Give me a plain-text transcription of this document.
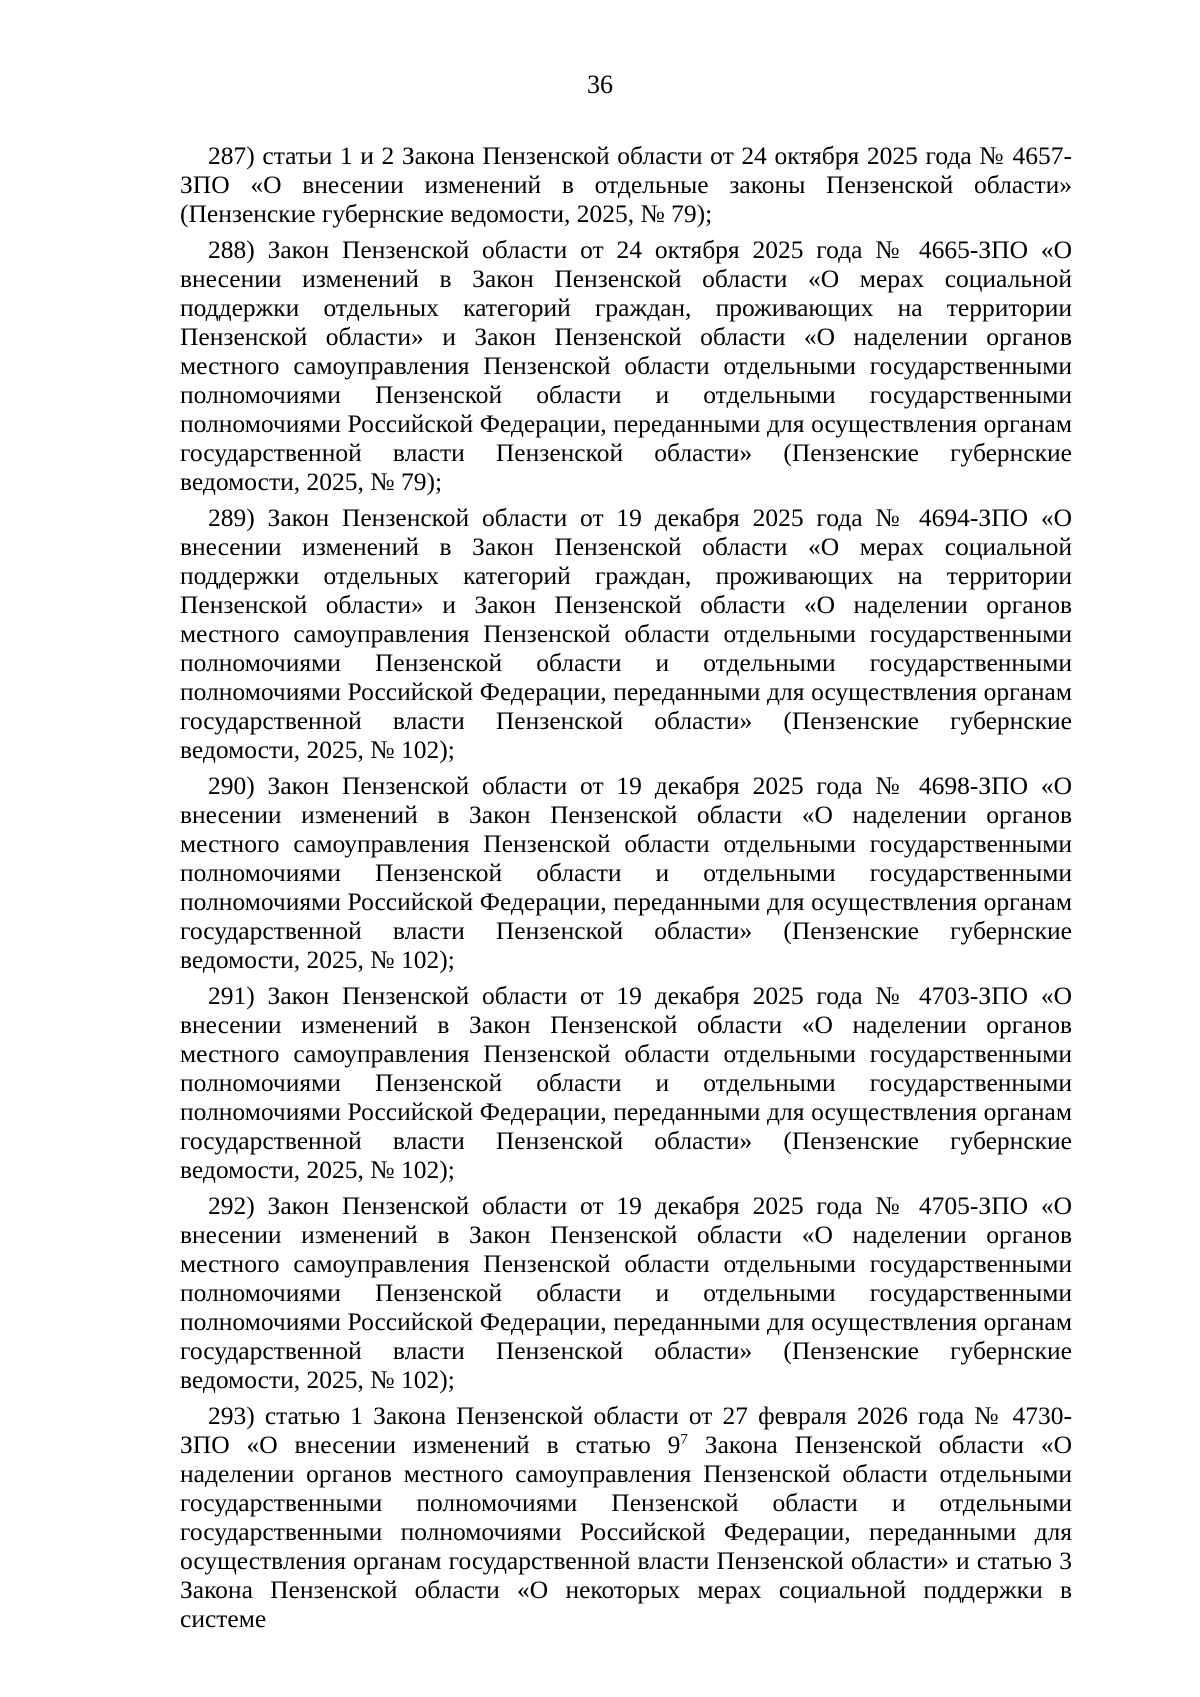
36

287) статьи 1 и 2 Закона Пензенской области от 24 октября 2025 года № 4657-ЗПО «О внесении изменений в отдельные законы Пензенской области» (Пензенские губернские ведомости, 2025, № 79);

288) Закон Пензенской области от 24 октября 2025 года № 4665-ЗПО «О внесении изменений в Закон Пензенской области «О мерах социальной поддержки отдельных категорий граждан, проживающих на территории Пензенской области» и Закон Пензенской области «О наделении органов местного самоуправления Пензенской области отдельными государственными полномочиями Пензенской области и отдельными государственными полномочиями Российской Федерации, переданными для осуществления органам государственной власти Пензенской области» (Пензенские губернские ведомости, 2025, № 79);

289) Закон Пензенской области от 19 декабря 2025 года № 4694-ЗПО «О внесении изменений в Закон Пензенской области «О мерах социальной поддержки отдельных категорий граждан, проживающих на территории Пензенской области» и Закон Пензенской области «О наделении органов местного самоуправления Пензенской области отдельными государственными полномочиями Пензенской области и отдельными государственными полномочиями Российской Федерации, переданными для осуществления органам государственной власти Пензенской области» (Пензенские губернские ведомости, 2025, № 102);

290) Закон Пензенской области от 19 декабря 2025 года № 4698-ЗПО «О внесении изменений в Закон Пензенской области «О наделении органов местного самоуправления Пензенской области отдельными государственными полномочиями Пензенской области и отдельными государственными полномочиями Российской Федерации, переданными для осуществления органам государственной власти Пензенской области» (Пензенские губернские ведомости, 2025, № 102);

291) Закон Пензенской области от 19 декабря 2025 года № 4703-ЗПО «О внесении изменений в Закон Пензенской области «О наделении органов местного самоуправления Пензенской области отдельными государственными полномочиями Пензенской области и отдельными государственными полномочиями Российской Федерации, переданными для осуществления органам государственной власти Пензенской области» (Пензенские губернские ведомости, 2025, № 102);

292) Закон Пензенской области от 19 декабря 2025 года № 4705-ЗПО «О внесении изменений в Закон Пензенской области «О наделении органов местного самоуправления Пензенской области отдельными государственными полномочиями Пензенской области и отдельными государственными полномочиями Российской Федерации, переданными для осуществления органам государственной власти Пензенской области» (Пензенские губернские ведомости, 2025, № 102);

293) статью 1 Закона Пензенской области от 27 февраля 2026 года № 4730-ЗПО «О внесении изменений в статью $9^7$ Закона Пензенской области «О наделении органов местного самоуправления Пензенской области отдельными государственными полномочиями Пензенской области и отдельными государственными полномочиями Российской Федерации, переданными для осуществления органам государственной власти Пензенской области» и статью 3 Закона Пензенской области «О некоторых мерах социальной поддержки в системе
